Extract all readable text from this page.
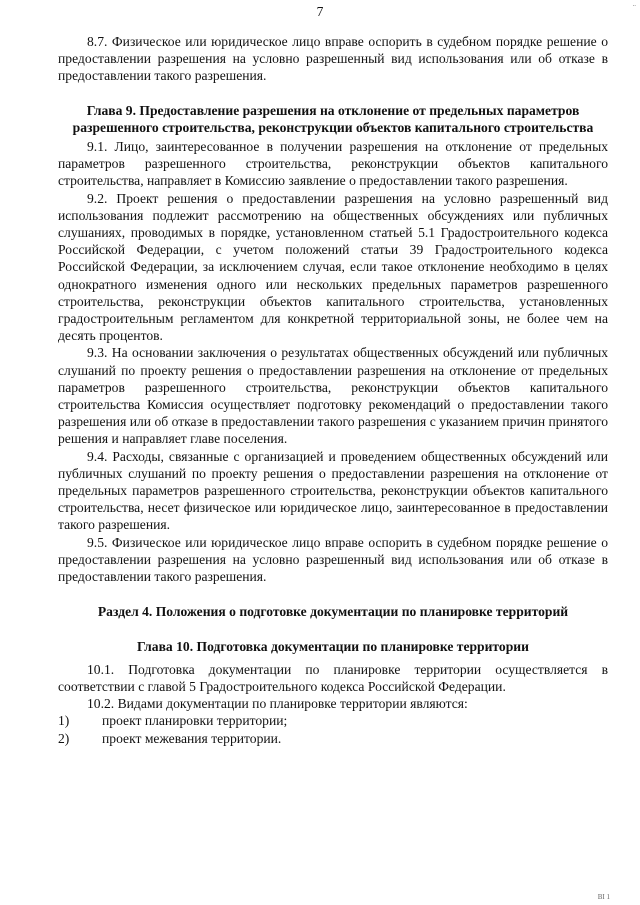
..
7

8.7. Физическое или юридическое лицо вправе оспорить в судебном порядке решение о предоставлении разрешения на условно разрешенный вид использования или об отказе в предоставлении такого разрешения.

Глава 9. Предоставление разрешения на отклонение от предельных параметров разрешенного строительства, реконструкции объектов капитального строительства

9.1. Лицо, заинтересованное в получении разрешения на отклонение от предельных параметров разрешенного строительства, реконструкции объектов капитального строительства, направляет в Комиссию заявление о предоставлении такого разрешения.

9.2. Проект решения о предоставлении разрешения на условно разрешенный вид использования подлежит рассмотрению на общественных обсуждениях или публичных слушаниях, проводимых в порядке, установленном статьей 5.1 Градостроительного кодекса Российской Федерации, с учетом положений статьи 39 Градостроительного кодекса Российской Федерации, за исключением случая, если такое отклонение необходимо в целях однократного изменения одного или нескольких предельных параметров разрешенного строительства, реконструкции объектов капитального строительства, установленных градостроительным регламентом для конкретной территориальной зоны, не более чем на десять процентов.

9.3. На основании заключения о результатах общественных обсуждений или публичных слушаний по проекту решения о предоставлении разрешения на отклонение от предельных параметров разрешенного строительства, реконструкции объектов капитального строительства Комиссия осуществляет подготовку рекомендаций о предоставлении такого разрешения или об отказе в предоставлении такого разрешения с указанием причин принятого решения и направляет главе поселения.

9.4. Расходы, связанные с организацией и проведением общественных обсуждений или публичных слушаний по проекту решения о предоставлении разрешения на отклонение от предельных параметров разрешенного строительства, реконструкции объектов капитального строительства, несет физическое или юридическое лицо, заинтересованное в предоставлении такого разрешения.

9.5. Физическое или юридическое лицо вправе оспорить в судебном порядке решение о предоставлении разрешения на условно разрешенный вид использования или об отказе в предоставлении такого разрешения.

Раздел 4. Положения о подготовке документации по планировке территорий

Глава 10. Подготовка документации по планировке территории

10.1. Подготовка документации по планировке территории осуществляется в соответствии с главой 5 Градостроительного кодекса Российской Федерации.

10.2. Видами документации по планировке территории являются:

1)	проект планировки территории;
2)	проект межевания территории.
BI 1
